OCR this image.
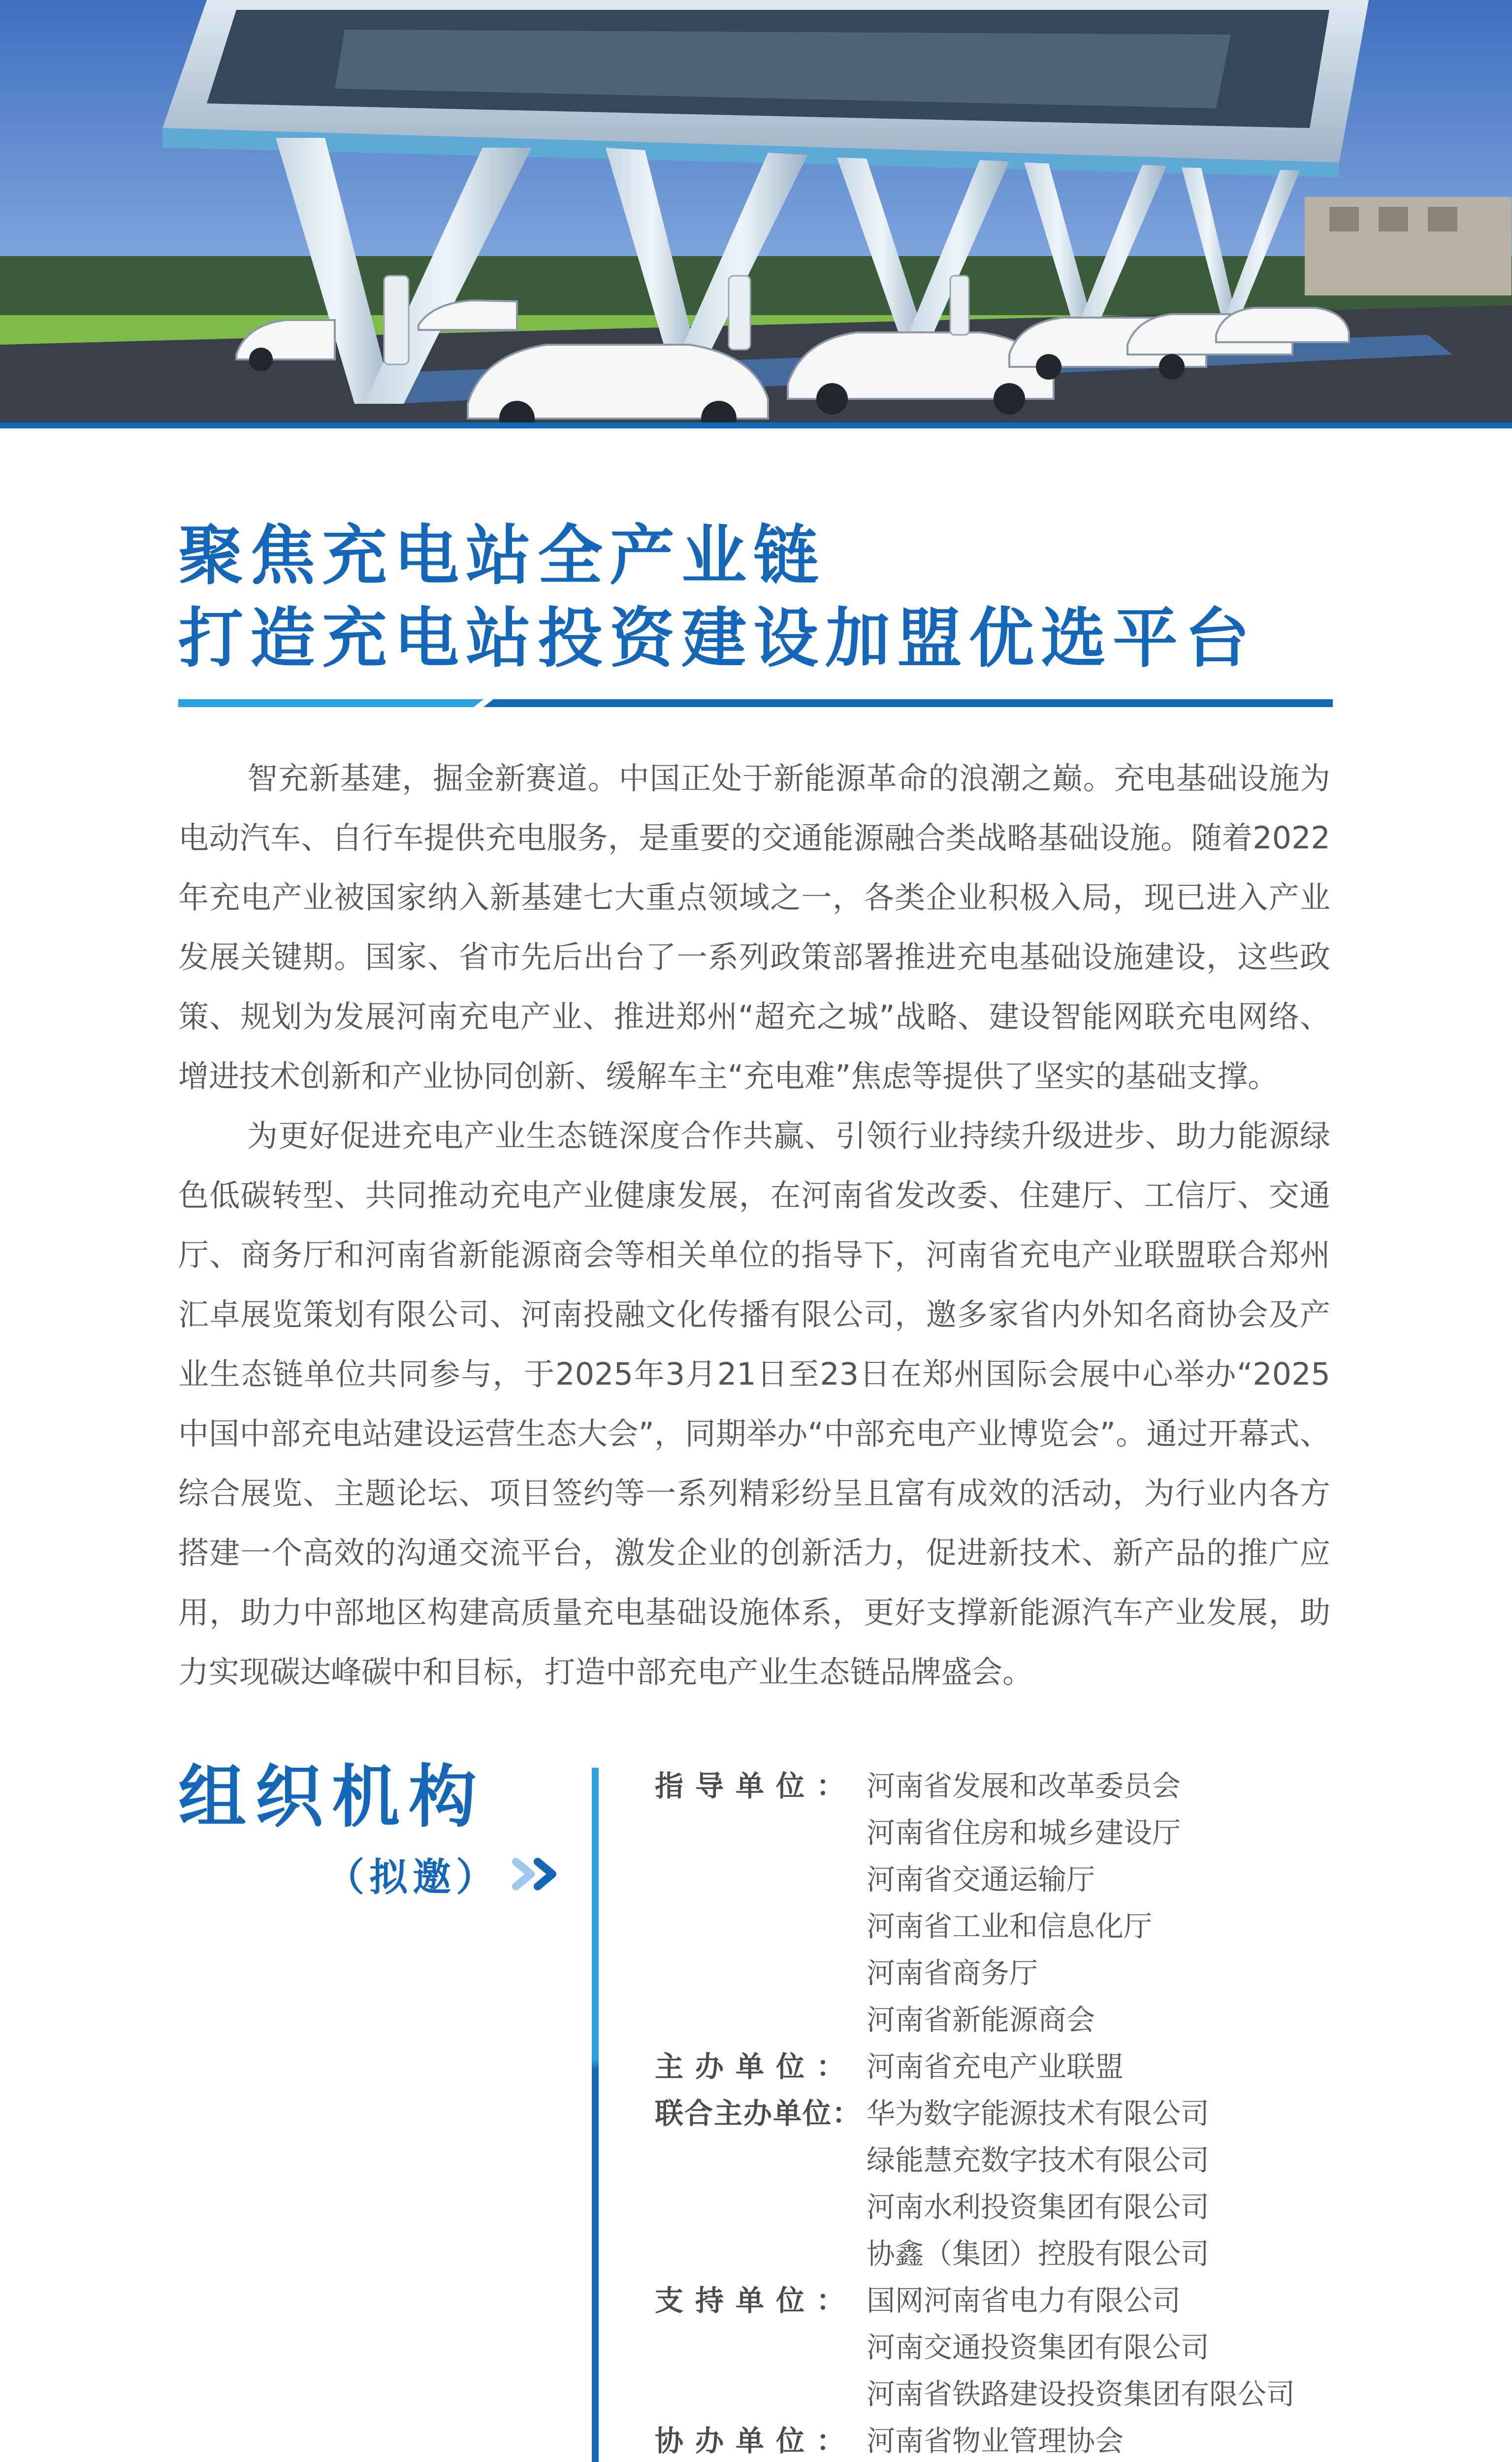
聚焦充电站全产业链
打造充电站投资建设加盟优选平台

智充新基建，掘金新赛道。中国正处于新能源革命的浪潮之巅。充电基础设施为电动汽车、自行车提供充电服务，是重要的交通能源融合类战略基础设施。随着2022年充电产业被国家纳入新基建七大重点领域之一，各类企业积极入局，现已进入产业发展关键期。国家、省市先后出台了一系列政策部署推进充电基础设施建设，这些政策、规划为发展河南充电产业、推进郑州“超充之城”战略、建设智能网联充电网络、增进技术创新和产业协同创新、缓解车主“充电难”焦虑等提供了坚实的基础支撑。

为更好促进充电产业生态链深度合作共赢、引领行业持续升级进步、助力能源绿色低碳转型、共同推动充电产业健康发展，在河南省发改委、住建厅、工信厅、交通厅、商务厅和河南省新能源商会等相关单位的指导下，河南省充电产业联盟联合郑州汇卓展览策划有限公司、河南投融文化传播有限公司，邀多家省内外知名商协会及产业生态链单位共同参与，于2025年3月21日至23日在郑州国际会展中心举办“2025中国中部充电站建设运营生态大会”，同期举办“中部充电产业博览会”。通过开幕式、综合展览、主题论坛、项目签约等一系列精彩纷呈且富有成效的活动，为行业内各方搭建一个高效的沟通交流平台，激发企业的创新活力，促进新技术、新产品的推广应用，助力中部地区构建高质量充电基础设施体系，更好支撑新能源汽车产业发展，助力实现碳达峰碳中和目标，打造中部充电产业生态链品牌盛会。

组织机构
（拟邀）
指导单位： 河南省发展和改革委员会
河南省住房和城乡建设厅
河南省交通运输厅
河南省工业和信息化厅
河南省商务厅
河南省新能源商会
主办单位： 河南省充电产业联盟
联合主办单位： 华为数字能源技术有限公司
绿能慧充数字技术有限公司
河南水利投资集团有限公司
协鑫（集团）控股有限公司
支持单位： 国网河南省电力有限公司
河南交通投资集团有限公司
河南省铁路建设投资集团有限公司
协办单位： 河南省物业管理协会
